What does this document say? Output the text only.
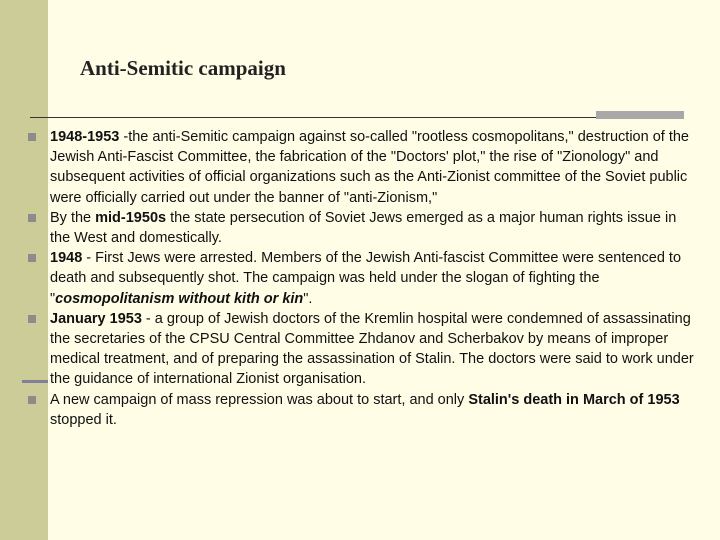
Anti-Semitic campaign
1948-1953 -the anti-Semitic campaign against so-called "rootless cosmopolitans," destruction of the Jewish Anti-Fascist Committee, the fabrication of the "Doctors' plot," the rise of "Zionology" and subsequent activities of official organizations such as the Anti-Zionist committee of the Soviet public were officially carried out under the banner of "anti-Zionism,"
By the mid-1950s the state persecution of Soviet Jews emerged as a major human rights issue in the West and domestically.
1948 - First Jews were arrested. Members of the Jewish Anti-fascist Committee were sentenced to death and subsequently shot. The campaign was held under the slogan of fighting the "cosmopolitanism without kith or kin".
January 1953 - a group of Jewish doctors of the Kremlin hospital were condemned of assassinating the secretaries of the CPSU Central Committee Zhdanov and Scherbakov by means of improper medical treatment, and of preparing the assassination of Stalin. The doctors were said to work under the guidance of international Zionist organisation.
A new campaign of mass repression was about to start, and only Stalin's death in March of 1953 stopped it.
